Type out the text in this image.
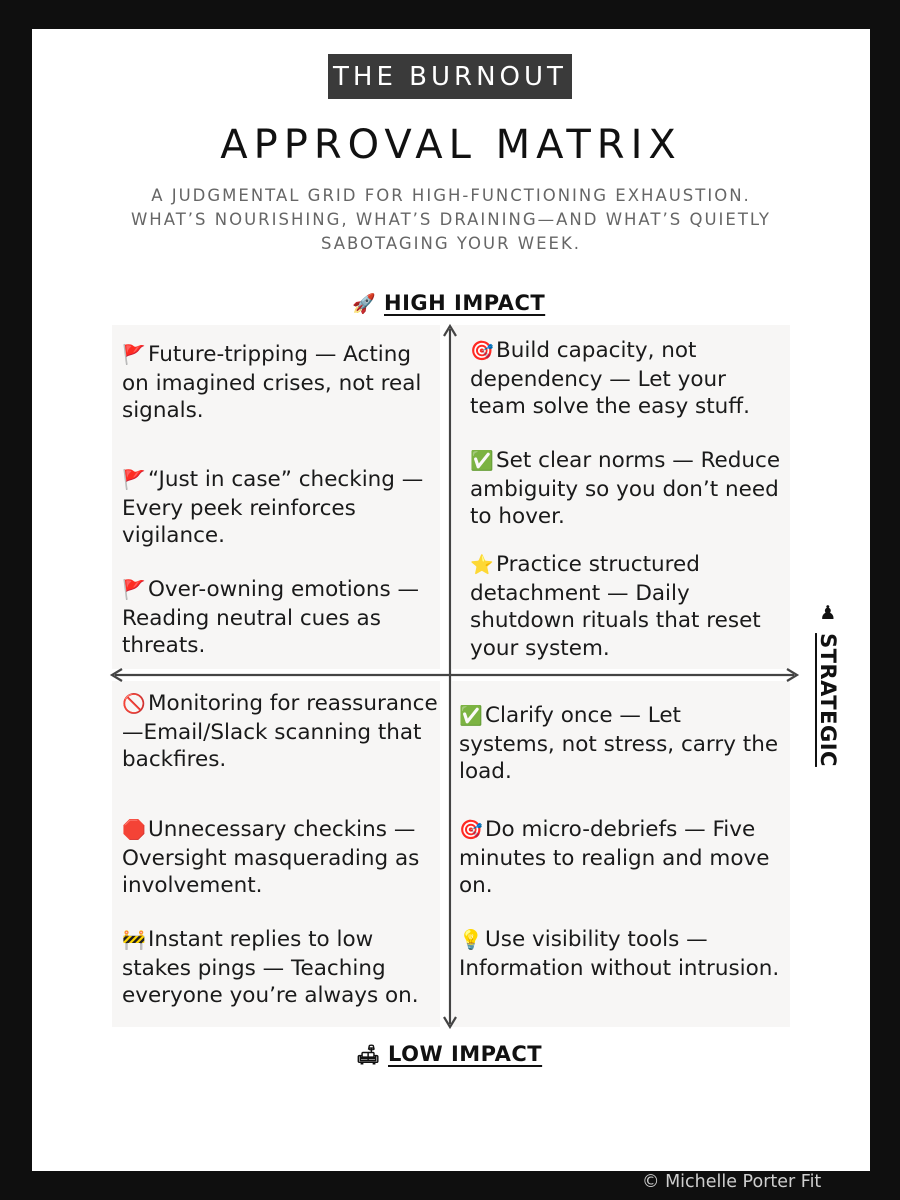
THE BURNOUT
APPROVAL MATRIX
A JUDGMENTAL GRID FOR HIGH-FUNCTIONING EXHAUSTION. WHAT’S NOURISHING, WHAT’S DRAINING—AND WHAT’S QUIETLY SABOTAGING YOUR WEEK.
🚀 HIGH IMPACT
🚩 Future-tripping — Acting on imagined crises, not real signals.
🚩 “Just in case” checking — Every peek reinforces vigilance.
🚩 Over-owning emotions — Reading neutral cues as threats.
🎯 Build capacity, not dependency — Let your team solve the easy stuff.
✅ Set clear norms — Reduce ambiguity so you don’t need to hover.
⭐ Practice structured detachment — Daily shutdown rituals that reset your system.
🚫 Monitoring for reassurance—Email/Slack scanning that backfires.
🛑 Unnecessary checkins — Oversight masquerading as involvement.
🚧 Instant replies to low stakes pings — Teaching everyone you’re always on.
✅ Clarify once — Let systems, not stress, carry the load.
🎯 Do micro-debriefs — Five minutes to realign and move on.
💡 Use visibility tools — Information without intrusion.
🛋 LOW IMPACT
♟
STRATEGIC
© Michelle Porter Fit
